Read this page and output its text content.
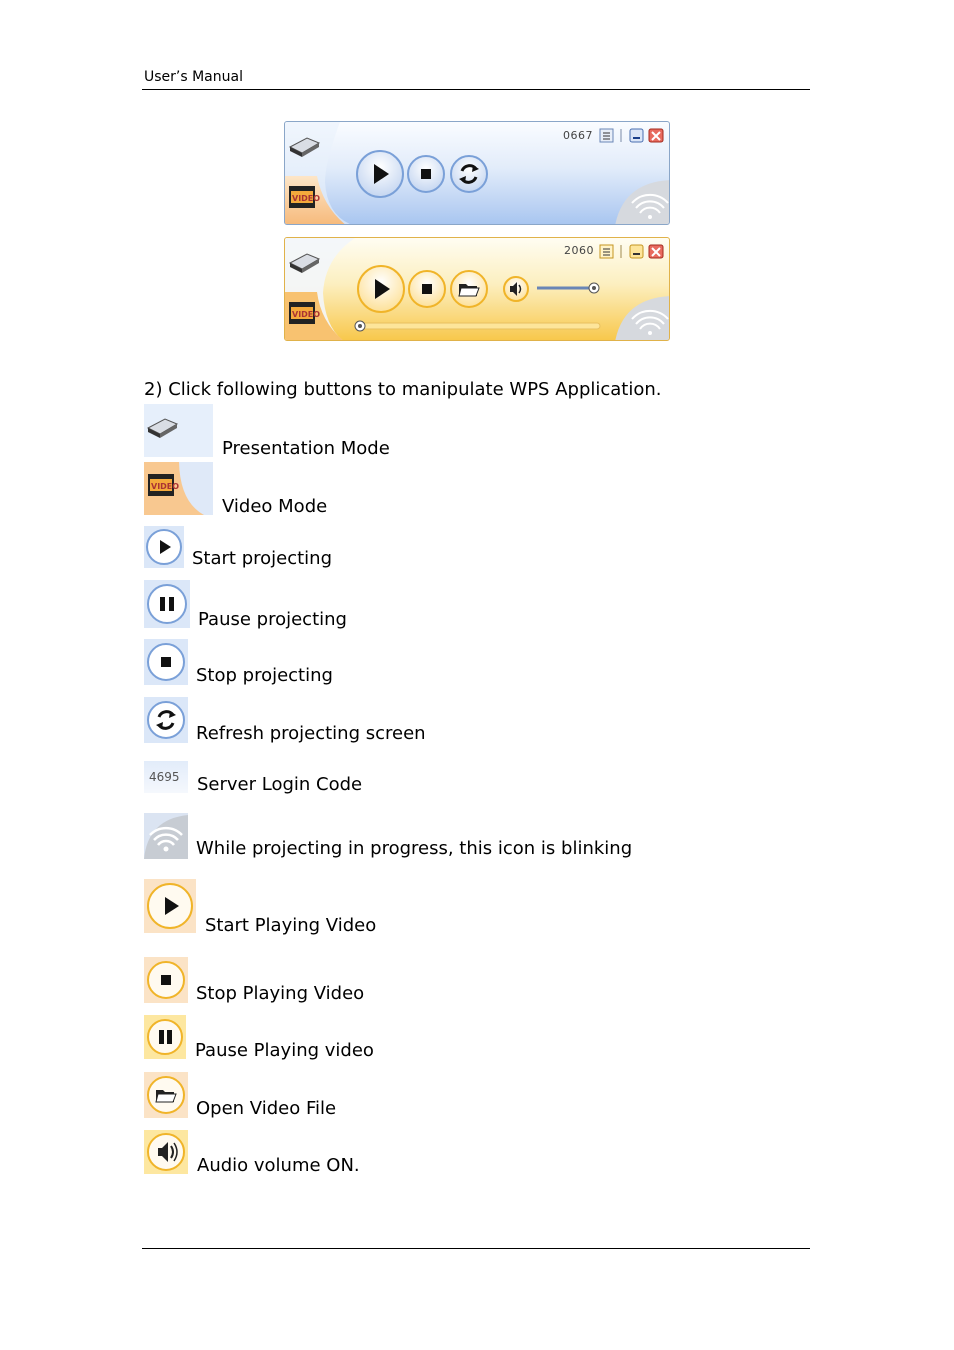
User’s Manual
VIDEO
0667
VIDEO
2060
2) Click following buttons to manipulate WPS Application.
Presentation Mode
VIDEO
Video Mode
Start projecting
Pause projecting
Stop projecting
Refresh projecting screen
4695 Server Login Code
While projecting in progress, this icon is blinking
Start Playing Video
Stop Playing Video
Pause Playing video
Open Video File
Audio volume ON.
